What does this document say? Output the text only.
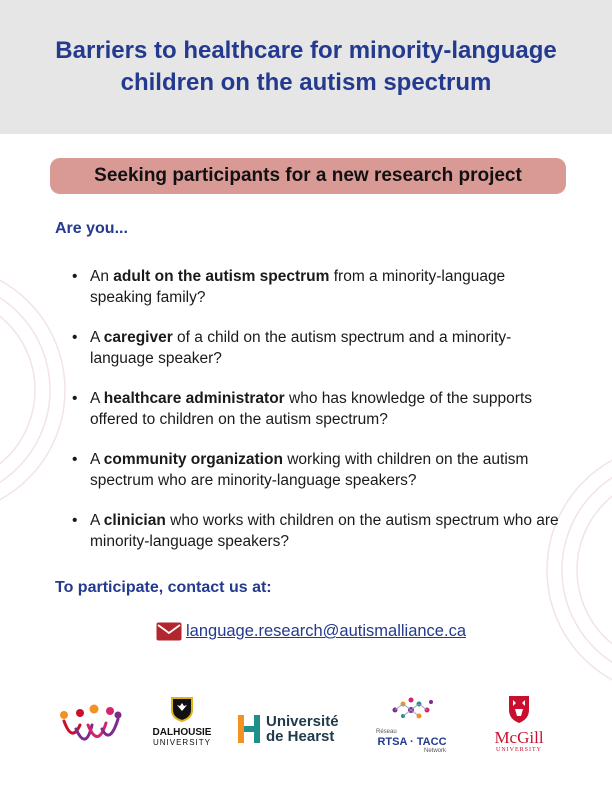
Barriers to healthcare for minority-language children on the autism spectrum
Seeking participants for a new research project
Are you...
• An adult on the autism spectrum from a minority-language speaking family?
• A caregiver of a child on the autism spectrum and a minority-language speaker?
• A healthcare administrator who has knowledge of the supports offered to children on the autism spectrum?
• A community organization working with children on the autism spectrum who are minority-language speakers?
• A clinician who works with children on the autism spectrum who are minority-language speakers?
To participate, contact us at:
language.research@autismalliance.ca
DALHOUSIE
UNIVERSITY
Université
de Hearst	Réseau
RTSA · TACC
Network
McGill
UNIVERSITY
